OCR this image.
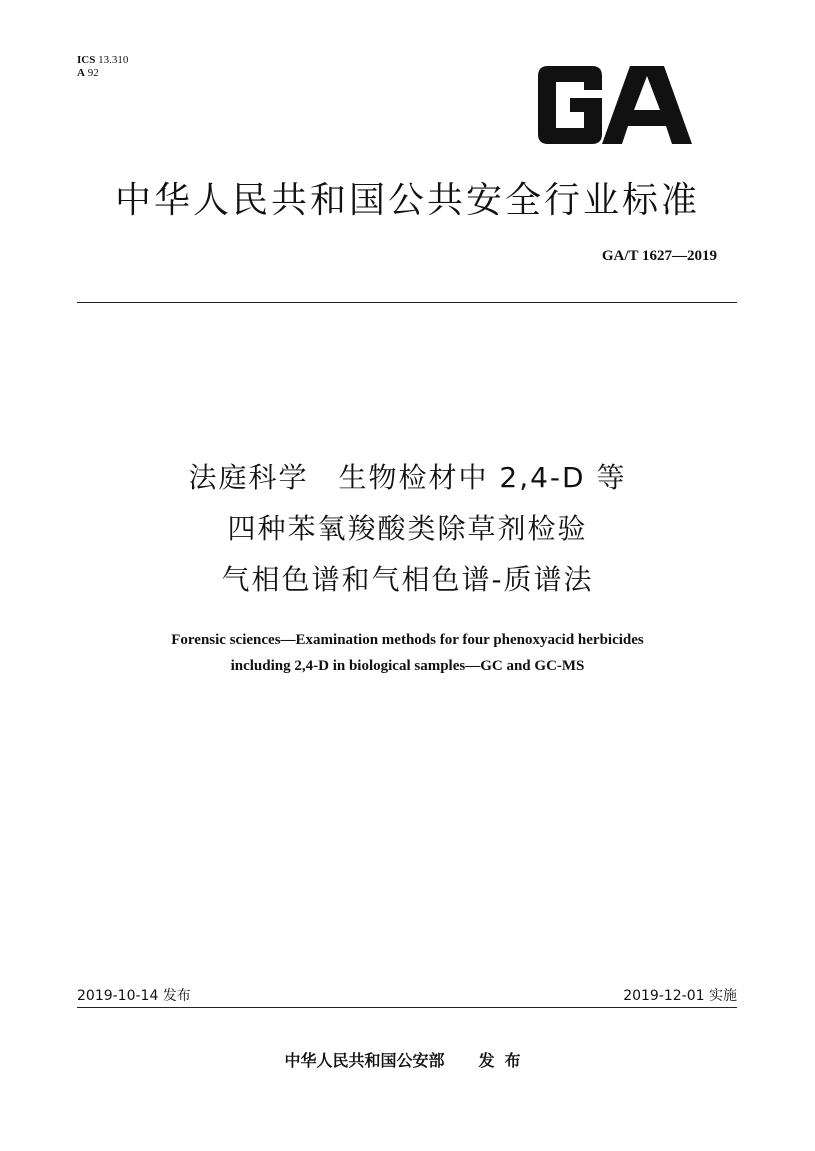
ICS 13.310
A 92
中华人民共和国公共安全行业标准
GA/T 1627—2019
法庭科学　生物检材中 2,4-D 等
四种苯氧羧酸类除草剂检验
气相色谱和气相色谱-质谱法
Forensic sciences—Examination methods for four phenoxyacid herbicides
including 2,4-D in biological samples—GC and GC-MS
2019-10-14 发布	2019-12-01 实施
中华人民共和国公安部 发布
